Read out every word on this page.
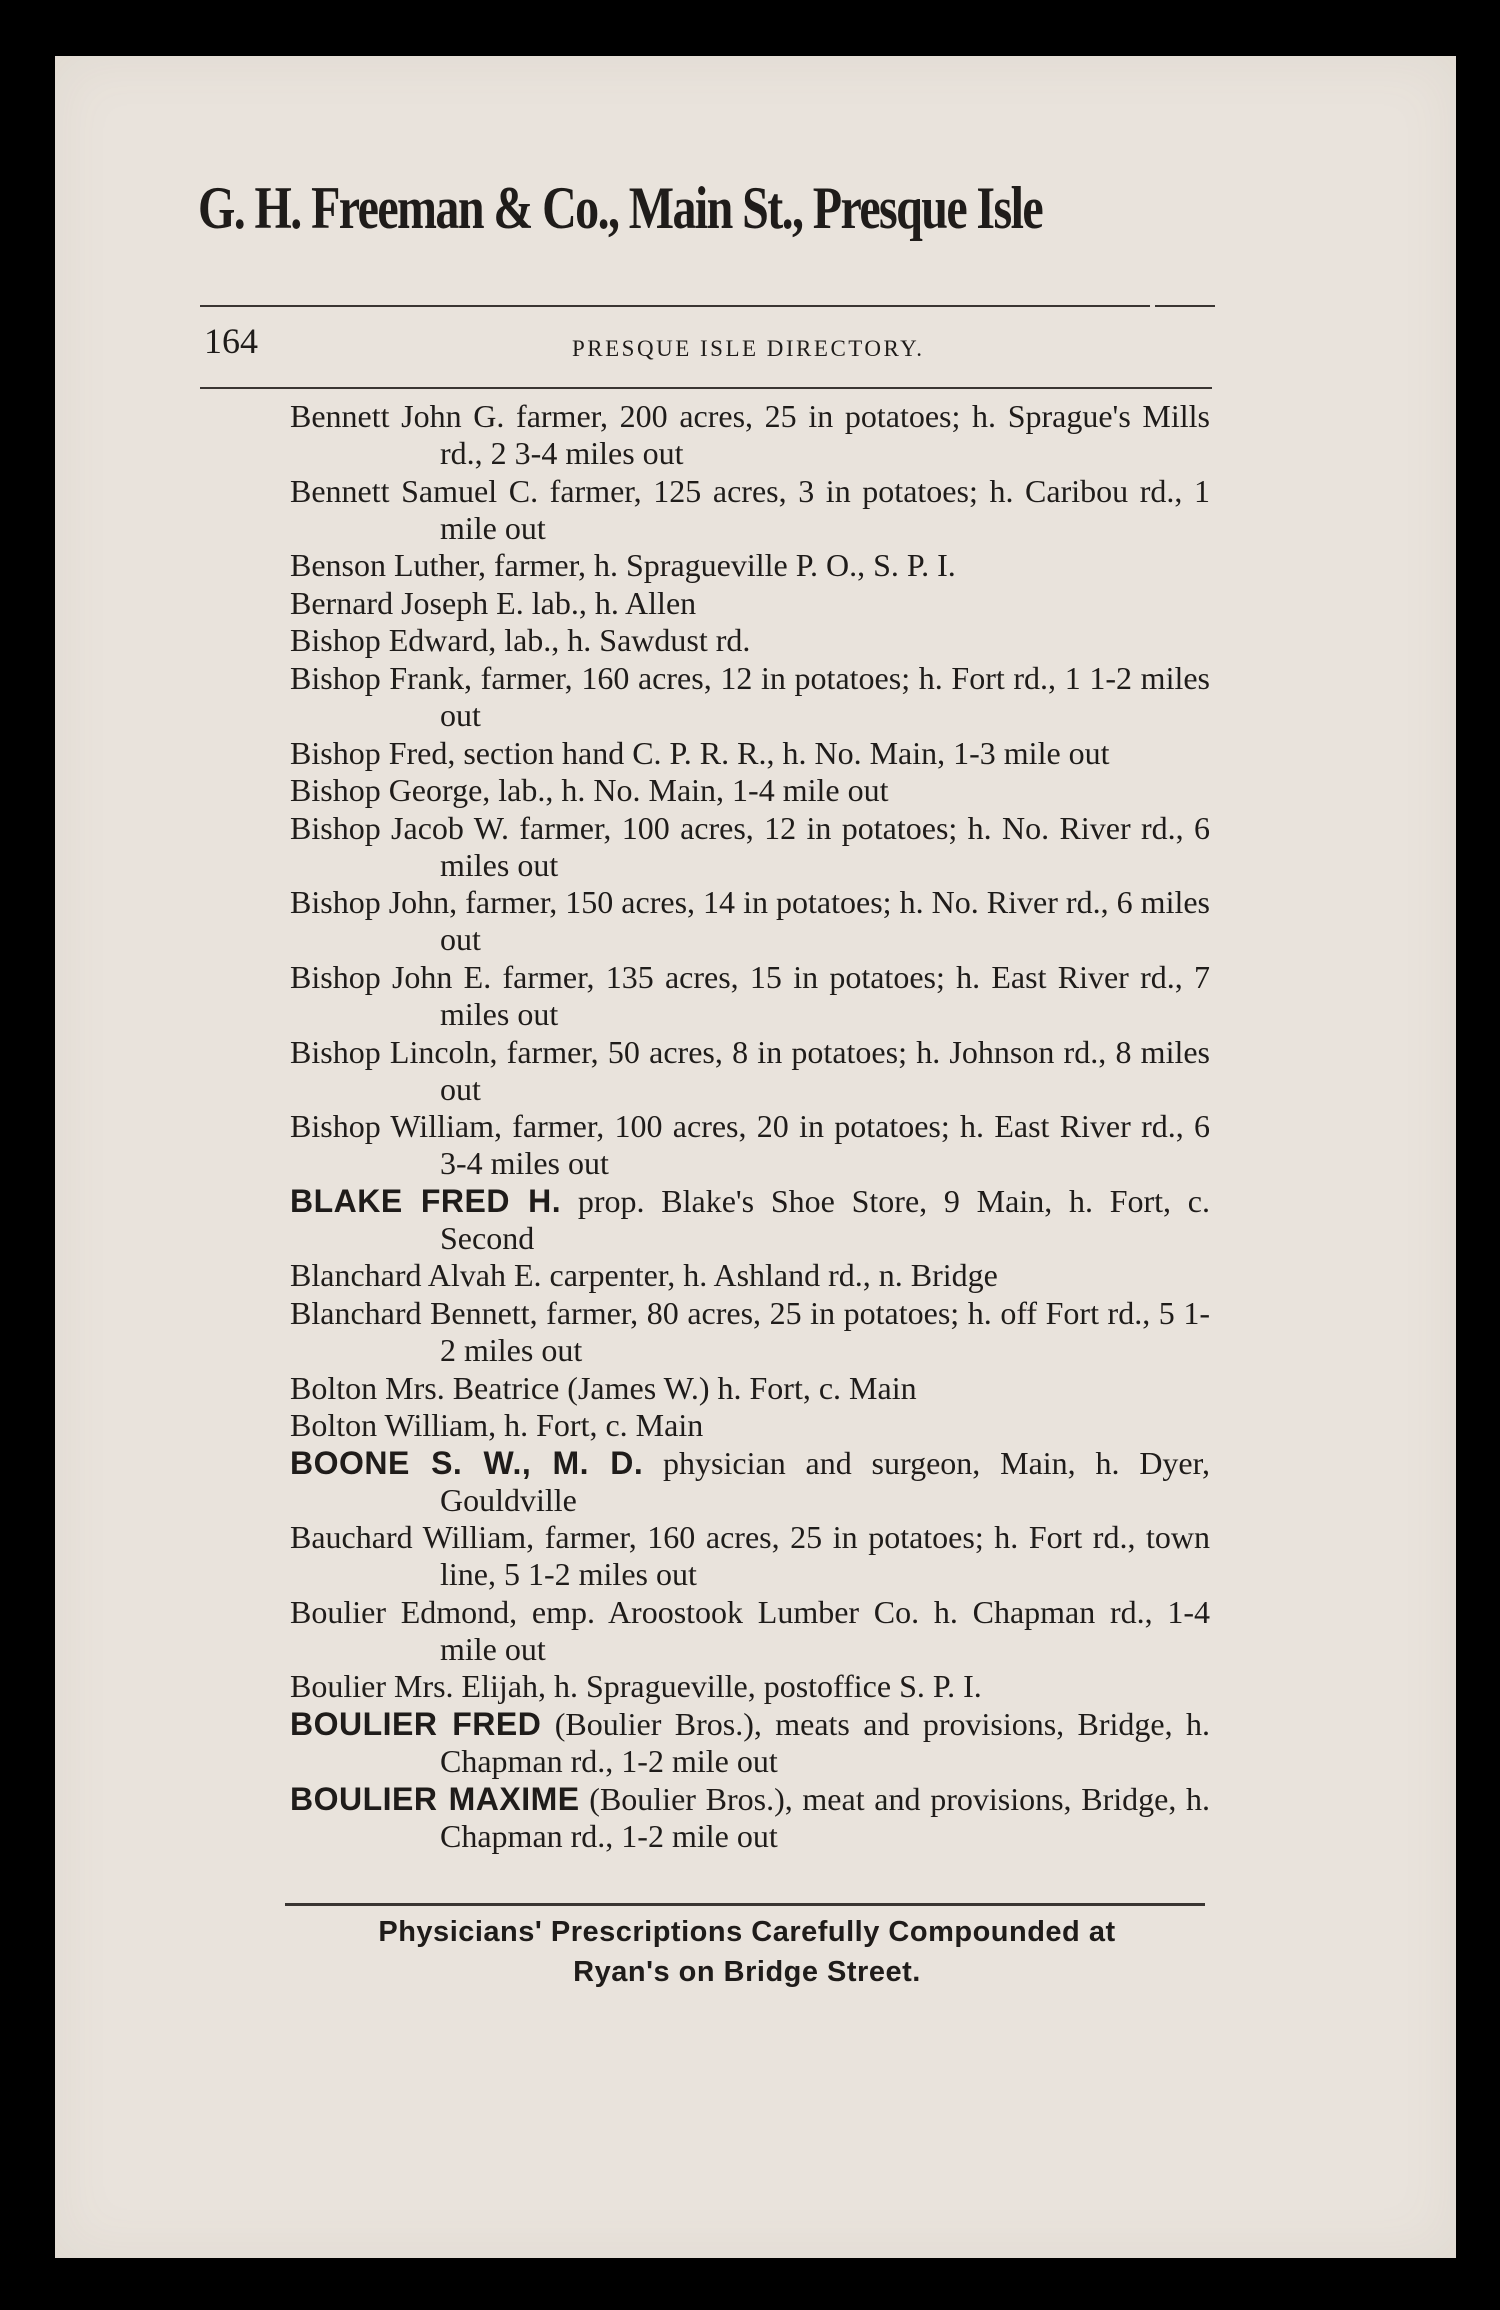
G. H. Freeman & Co., Main St., Presque Isle
164	PRESQUE ISLE DIRECTORY.

Bennett John G. farmer, 200 acres, 25 in potatoes; h. Sprague's Mills rd., 2 3-4 miles out

Bennett Samuel C. farmer, 125 acres, 3 in potatoes; h. Caribou rd., 1 mile out

Benson Luther, farmer, h. Spragueville P. O., S. P. I.

Bernard Joseph E. lab., h. Allen

Bishop Edward, lab., h. Sawdust rd.

Bishop Frank, farmer, 160 acres, 12 in potatoes; h. Fort rd., 1 1-2 miles out

Bishop Fred, section hand C. P. R. R., h. No. Main, 1-3 mile out

Bishop George, lab., h. No. Main, 1-4 mile out

Bishop Jacob W. farmer, 100 acres, 12 in potatoes; h. No. River rd., 6 miles out

Bishop John, farmer, 150 acres, 14 in potatoes; h. No. River rd., 6 miles out

Bishop John E. farmer, 135 acres, 15 in potatoes; h. East River rd., 7 miles out

Bishop Lincoln, farmer, 50 acres, 8 in potatoes; h. Johnson rd., 8 miles out

Bishop William, farmer, 100 acres, 20 in potatoes; h. East River rd., 6 3-4 miles out

BLAKE FRED H. prop. Blake's Shoe Store, 9 Main, h. Fort, c. Second

Blanchard Alvah E. carpenter, h. Ashland rd., n. Bridge

Blanchard Bennett, farmer, 80 acres, 25 in potatoes; h. off Fort rd., 5 1-2 miles out

Bolton Mrs. Beatrice (James W.) h. Fort, c. Main

Bolton William, h. Fort, c. Main

BOONE S. W., M. D. physician and surgeon, Main, h. Dyer, Gouldville

Bauchard William, farmer, 160 acres, 25 in potatoes; h. Fort rd., town line, 5 1-2 miles out

Boulier Edmond, emp. Aroostook Lumber Co. h. Chapman rd., 1-4 mile out

Boulier Mrs. Elijah, h. Spragueville, postoffice S. P. I.

BOULIER FRED (Boulier Bros.), meats and provisions, Bridge, h. Chapman rd., 1-2 mile out

BOULIER MAXIME (Boulier Bros.), meat and provisions, Bridge, h. Chapman rd., 1-2 mile out

Physicians' Prescriptions Carefully Compounded at
Ryan's on Bridge Street.
